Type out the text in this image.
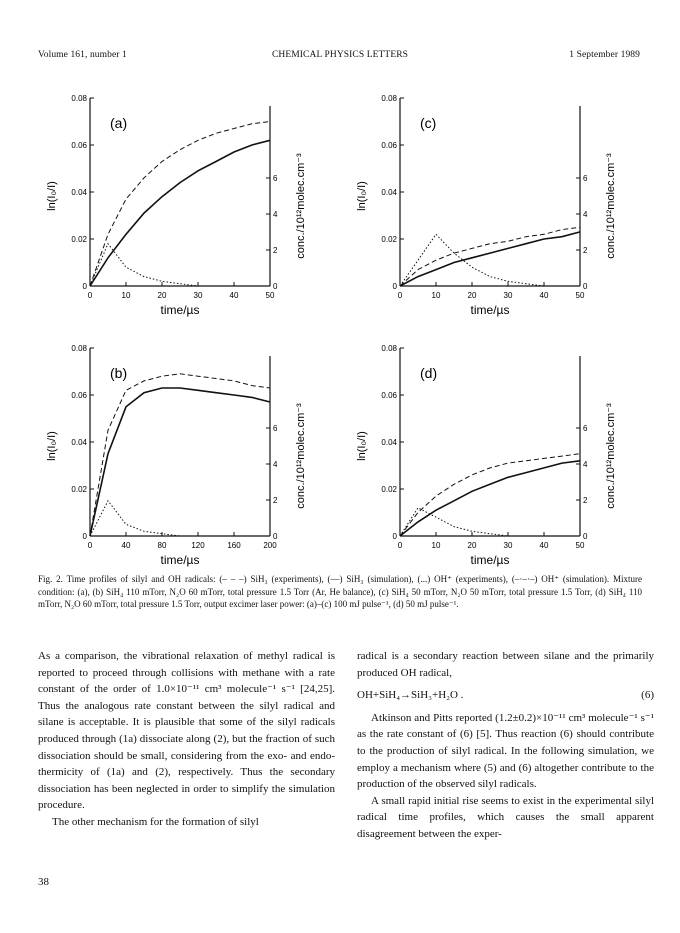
Volume 161, number 1	CHEMICAL PHYSICS LETTERS	1 September 1989
0	10	20	30	40	50
0
0.02
0.04
0.06
0.08
0
2
4
6
(a)
time/µs
ln(I₀/I)	conc./10¹²molec.cm⁻³
0	10	20	30	40	50
0
0.02
0.04
0.06
0.08
0
2
4
6
(c)
time/µs
ln(I₀/I)	conc./10¹²molec.cm⁻³
0	40	80	120	160	200
0
0.02
0.04
0.06
0.08
0
2
4
6
(b)
time/µs
ln(I₀/I)	conc./10¹²molec.cm⁻³
0	10	20	30	40	50
0
0.02
0.04
0.06
0.08
0
2
4
6
(d)
time/µs
ln(I₀/I)	conc./10¹²molec.cm⁻³
Fig. 2. Time profiles of silyl and OH radicals: (– – –) SiH₃ (experiments), (—) SiH₃ (simulation), (...) OH⁺ (experiments), (–·–·–) OH⁺ (simulation). Mixture condition: (a), (b) SiH₄ 110 mTorr, N₂O 60 mTorr, total pressure 1.5 Torr (Ar, He balance), (c) SiH₄ 50 mTorr, N₂O 50 mTorr, total pressure 1.5 Torr, (d) SiH₄ 110 mTorr, N₂O 60 mTorr, total pressure 1.5 Torr, output excimer laser power: (a)–(c) 100 mJ pulse⁻¹, (d) 50 mJ pulse⁻¹.

As a comparison, the vibrational relaxation of methyl radical is reported to proceed through collisions with methane with a rate constant of the order of 1.0×10⁻¹¹ cm³ molecule⁻¹ s⁻¹ [24,25]. Thus the analogous rate constant between the silyl radical and silane is acceptable. It is plausible that some of the silyl radicals produced through (1a) dissociate along (2), but the fraction of such dissociation should be small, considering from the exo- and endo-thermicity of (1a) and (2), respectively. Thus the secondary dissociation has been neglected in order to simplify the simulation procedure.

The other mechanism for the formation of silyl

radical is a secondary reaction between silane and the primarily produced OH radical,

OH+SiH₄→SiH₃+H₂O .	(6)

Atkinson and Pitts reported (1.2±0.2)×10⁻¹¹ cm³ molecule⁻¹ s⁻¹ as the rate constant of (6) [5]. Thus reaction (6) should contribute to the production of silyl radical. In the following simulation, we employ a mechanism where (5) and (6) altogether contribute to the production of the observed silyl radicals.

A small rapid initial rise seems to exist in the experimental silyl radical time profiles, which causes the small apparent disagreement between the exper-

38
